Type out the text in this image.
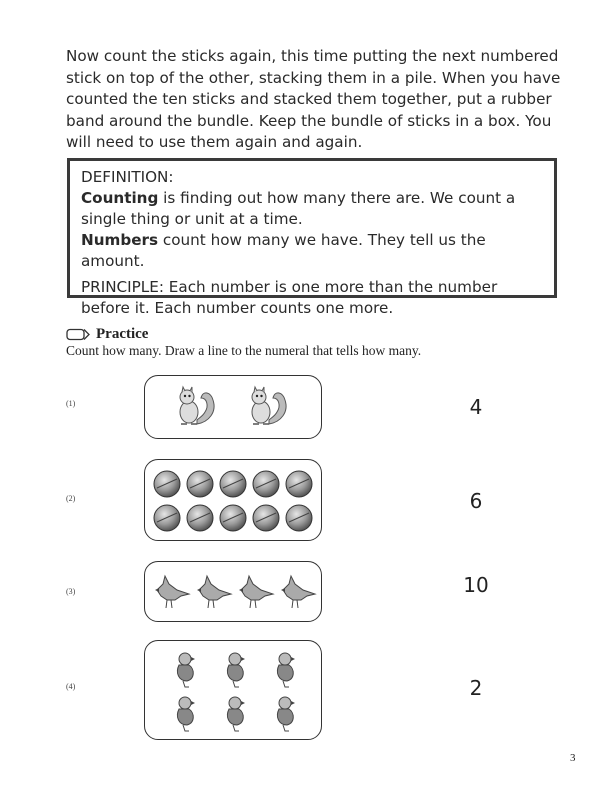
Now count the sticks again, this time putting the next numbered stick on top of the other, stacking them in a pile. When you have counted the ten sticks and stacked them together, put a rubber band around the bundle. Keep the bundle of sticks in a box. You will need to use them again and again.

DEFINITION:

Counting is finding out how many there are. We count a single thing or unit at a time.

Numbers count how many we have. They tell us the amount.

PRINCIPLE: Each number is one more than the number before it. Each number counts one more.

Practice
Count how many. Draw a line to the numeral that tells how many.
(1)
(2)
(3)
(4)
4
6
10
2
3
